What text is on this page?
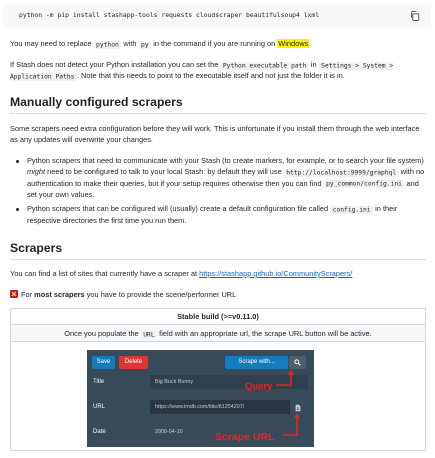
python -m pip install stashapp-tools requests cloudscraper beautifulsoup4 lxml

You may need to replace python with py in the command if you are running on Windows.

If Stash does not detect your Python installation you can set the Python executable path in Settings > System > Application Paths . Note that this needs to point to the executable itself and not just the folder it is in.

Manually configured scrapers

Some scrapers need extra configuration before they will work. This is unfortunate if you install them through the web interface as any updates will overwrite your changes.

Python scrapers that need to communicate with your Stash (to create markers, for example, or to search your file system) might need to be configured to talk to your local Stash: by default they will use http://localhost:9999/graphql with no authentication to make their queries, but if your setup requires otherwise then you can find py_common/config.ini and set your own values.
Python scrapers that can be configured will (usually) create a default configuration file called config.ini in their respective directories the first time you run them.
Scrapers

You can find a list of sites that currently have a scraper at https://stashapp.github.io/CommunityScrapers/

For most scrapers you have to provide the scene/performer URL

Stable build (>=v0.11.0)
Once you populate the URL field with an appropriate url, the scrape URL button will be active.
Save	Delete	Scrape with...
Title	Big Buck Bunny
URL	https://www.imdb.com/title/tt1254207/
Date	2008-04-10
Query
Scrape URL
